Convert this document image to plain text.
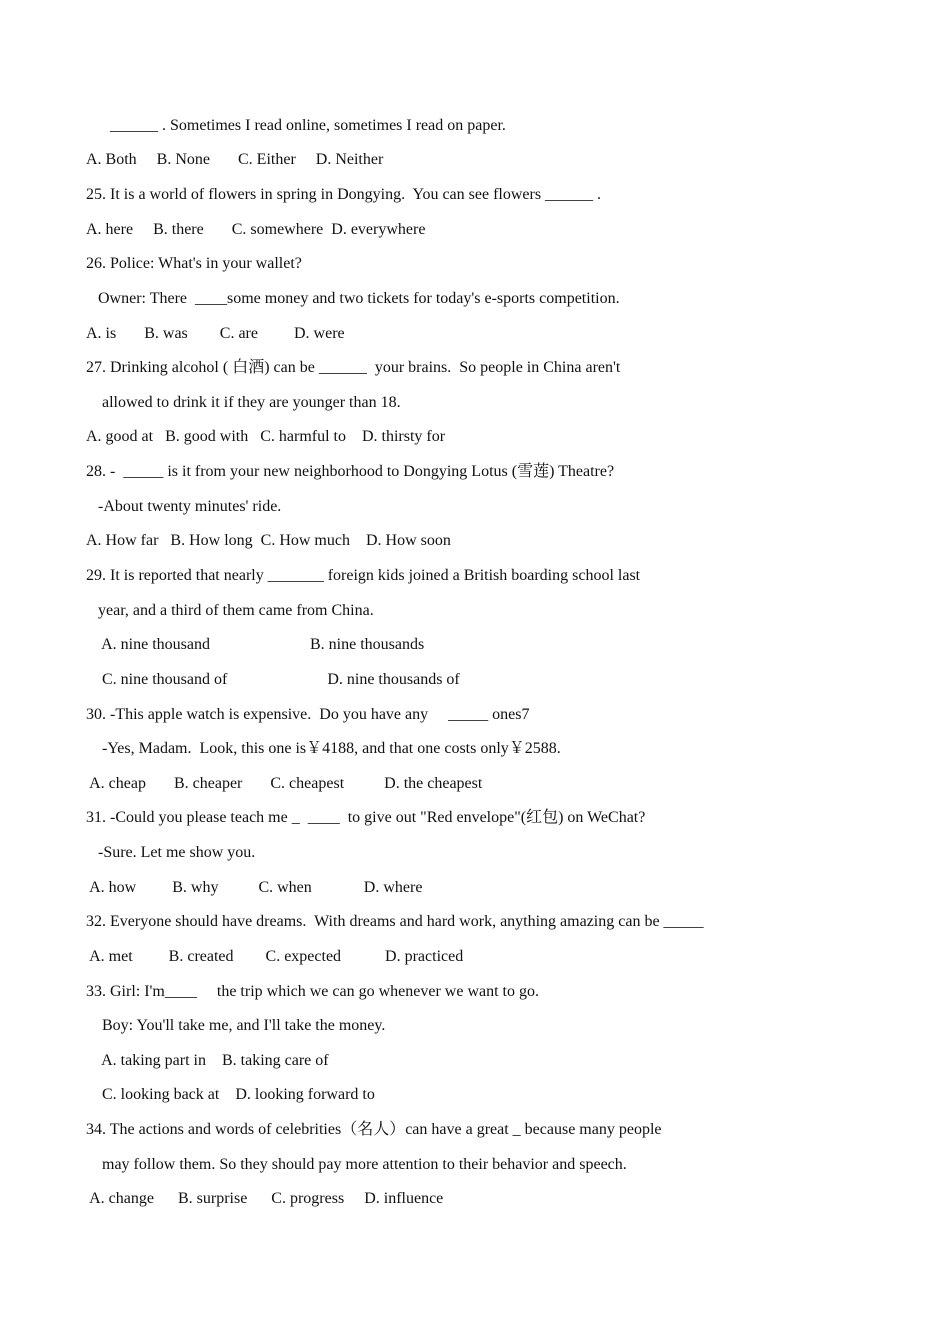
______ . Sometimes I read online, sometimes I read on paper.
A. Both     B. None       C. Either     D. Neither
25. It is a world of flowers in spring in Dongying.  You can see flowers ______ .
A. here     B. there       C. somewhere  D. everywhere
26. Police: What's in your wallet?
Owner: There  ____some money and two tickets for today's e-sports competition.
A. is       B. was        C. are         D. were
27. Drinking alcohol ( 白酒) can be ______  your brains.  So people in China aren't
allowed to drink it if they are younger than 18.
A. good at   B. good with   C. harmful to    D. thirsty for
28. -  _____ is it from your new neighborhood to Dongying Lotus (雪莲) Theatre?
-About twenty minutes' ride.
A. How far   B. How long  C. How much    D. How soon
29. It is reported that nearly _______ foreign kids joined a British boarding school last
year, and a third of them came from China.
A. nine thousand                         B. nine thousands
C. nine thousand of                         D. nine thousands of
30. -This apple watch is expensive.  Do you have any     _____ ones7
-Yes, Madam.  Look, this one is￥4188, and that one costs only￥2588.
A. cheap       B. cheaper       C. cheapest          D. the cheapest
31. -Could you please teach me _  ____  to give out "Red envelope"(红包) on WeChat?
-Sure. Let me show you.
A. how         B. why          C. when             D. where
32. Everyone should have dreams.  With dreams and hard work, anything amazing can be _____
A. met         B. created        C. expected           D. practiced
33. Girl: I'm____     the trip which we can go whenever we want to go.
Boy: You'll take me, and I'll take the money.
A. taking part in    B. taking care of
C. looking back at    D. looking forward to
34. The actions and words of celebrities（名人）can have a great _ because many people
may follow them. So they should pay more attention to their behavior and speech.
A. change      B. surprise      C. progress     D. influence
